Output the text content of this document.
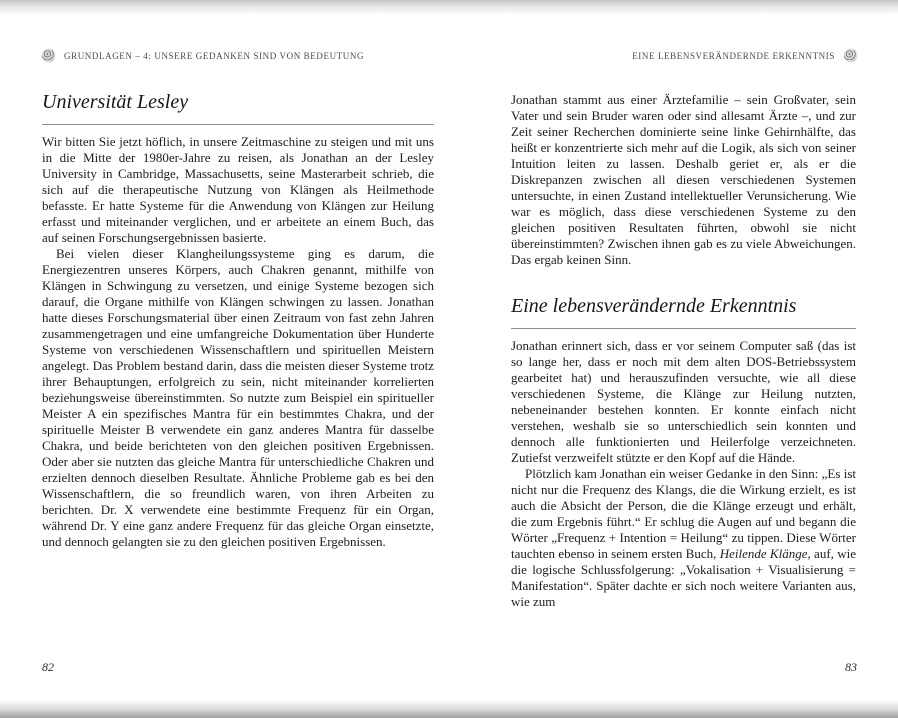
GRUNDLAGEN – 4: UNSERE GEDANKEN SIND VON BEDEUTUNG	EINE LEBENSVERÄNDERNDE ERKENNTNIS
Universität Lesley

Wir bitten Sie jetzt höflich, in unsere Zeitmaschine zu steigen und mit uns in die Mitte der 1980er-Jahre zu reisen, als Jonathan an der Lesley University in Cambridge, Massachusetts, seine Masterarbeit schrieb, die sich auf die therapeutische Nutzung von Klängen als Heilmethode befasste. Er hatte Systeme für die Anwendung von Klängen zur Heilung erfasst und miteinander verglichen, und er arbeitete an einem Buch, das auf seinen Forschungsergebnissen basierte.

Bei vielen dieser Klangheilungssysteme ging es darum, die Energiezentren unseres Körpers, auch Chakren genannt, mithilfe von Klängen in Schwingung zu versetzen, und einige Systeme bezogen sich darauf, die Organe mithilfe von Klängen schwingen zu lassen. Jonathan hatte dieses Forschungsmaterial über einen Zeitraum von fast zehn Jahren zusammengetragen und eine umfangreiche Dokumentation über Hunderte Systeme von verschiedenen Wissenschaftlern und spirituellen Meistern angelegt. Das Problem bestand darin, dass die meisten dieser Systeme trotz ihrer Behauptungen, erfolgreich zu sein, nicht miteinander korrelierten beziehungsweise übereinstimmten. So nutzte zum Beispiel ein spiritueller Meister A ein spezifisches Mantra für ein bestimmtes Chakra, und der spirituelle Meister B verwendete ein ganz anderes Mantra für dasselbe Chakra, und beide berichteten von den gleichen positiven Ergebnissen. Oder aber sie nutzten das gleiche Mantra für unterschiedliche Chakren und erzielten dennoch dieselben Resultate. Ähnliche Probleme gab es bei den Wissenschaftlern, die so freundlich waren, von ihren Arbeiten zu berichten. Dr. X verwendete eine bestimmte Frequenz für ein Organ, während Dr. Y eine ganz andere Frequenz für das gleiche Organ einsetzte, und dennoch gelangten sie zu den gleichen positiven Ergebnissen.

Jonathan stammt aus einer Ärztefamilie – sein Großvater, sein Vater und sein Bruder waren oder sind allesamt Ärzte –, und zur Zeit seiner Recherchen dominierte seine linke Gehirnhälfte, das heißt er konzentrierte sich mehr auf die Logik, als sich von seiner Intuition leiten zu lassen. Deshalb geriet er, als er die Diskrepanzen zwischen all diesen verschiedenen Systemen untersuchte, in einen Zustand intellektueller Verunsicherung. Wie war es möglich, dass diese verschiedenen Systeme zu den gleichen positiven Resultaten führten, obwohl sie nicht übereinstimmten? Zwischen ihnen gab es zu viele Abweichungen. Das ergab keinen Sinn.

Eine lebensverändernde Erkenntnis

Jonathan erinnert sich, dass er vor seinem Computer saß (das ist so lange her, dass er noch mit dem alten DOS-Betriebssystem gearbeitet hat) und herauszufinden versuchte, wie all diese verschiedenen Systeme, die Klänge zur Heilung nutzten, nebeneinander bestehen konnten. Er konnte einfach nicht verstehen, weshalb sie so unterschiedlich sein konnten und dennoch alle funktionierten und Heilerfolge verzeichneten. Zutiefst verzweifelt stützte er den Kopf auf die Hände.

Plötzlich kam Jonathan ein weiser Gedanke in den Sinn: „Es ist nicht nur die Frequenz des Klangs, die die Wirkung erzielt, es ist auch die Absicht der Person, die die Klänge erzeugt und erhält, die zum Ergebnis führt.“ Er schlug die Augen auf und begann die Wörter „Frequenz + Intention = Heilung“ zu tippen. Diese Wörter tauchten ebenso in seinem ersten Buch, Heilende Klänge, auf, wie die logische Schlussfolgerung: „Vokalisation + Visualisierung = Manifestation“. Später dachte er sich noch weitere Varianten aus, wie zum

82	83
